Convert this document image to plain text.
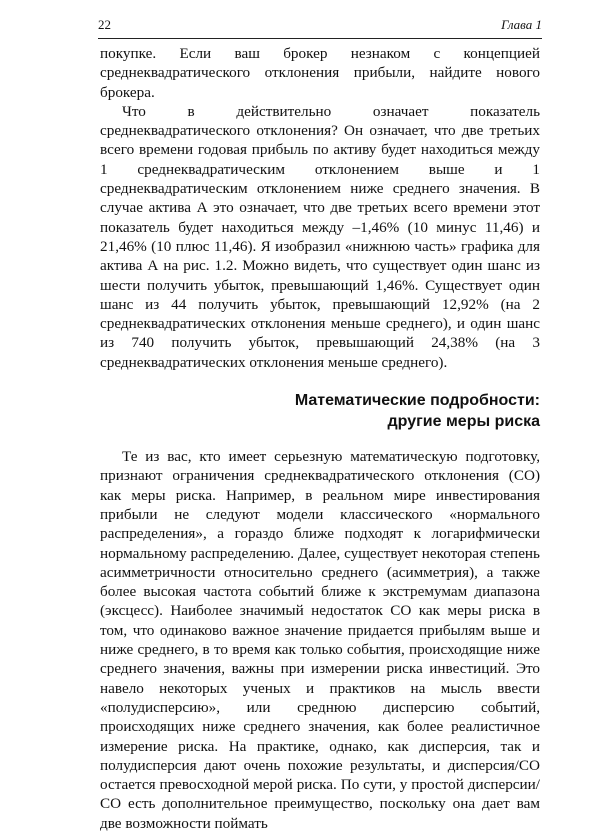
22	Глава 1

покупке. Если ваш брокер незнаком с концепцией среднеквадратического отклонения прибыли, найдите нового брокера.

Что в действительно означает показатель среднеквадратического отклонения? Он означает, что две третьих всего времени годовая прибыль по активу будет находиться между 1 среднеквадратическим отклонением выше и 1 среднеквадратическим отклонением ниже среднего значения. В случае актива А это означает, что две третьих всего времени этот показатель будет находиться между –1,46% (10 минус 11,46) и 21,46% (10 плюс 11,46). Я изобразил «нижнюю часть» графика для актива А на рис. 1.2. Можно видеть, что существует один шанс из шести получить убыток, превышающий 1,46%. Существует один шанс из 44 получить убыток, превышающий 12,92% (на 2 среднеквадратических отклонения меньше среднего), и один шанс из 740 получить убыток, превышающий 24,38% (на 3 среднеквадратических отклонения меньше среднего).

Математические подробности:
другие меры риска

Те из вас, кто имеет серьезную математическую подготовку, признают ограничения среднеквадратического отклонения (СО) как меры риска. Например, в реальном мире инвестирования прибыли не следуют модели классического «нормального распределения», а гораздо ближе подходят к логарифмически нормальному распределению. Далее, существует некоторая степень асимметричности относительно среднего (асимметрия), а также более высокая частота событий ближе к экстремумам диапазона (эксцесс). Наиболее значимый недостаток СО как меры риска в том, что одинаково важное значение придается прибылям выше и ниже среднего, в то время как только события, происходящие ниже среднего значения, важны при измерении риска инвестиций. Это навело некоторых ученых и практиков на мысль ввести «полудисперсию», или среднюю дисперсию событий, происходящих ниже среднего значения, как более реалистичное измерение риска. На практике, однако, как дисперсия, так и полудисперсия дают очень похожие результаты, и дисперсия/СО остается превосходной мерой риска. По сути, у простой дисперсии/СО есть дополнительное преимущество, поскольку она дает вам две возможности поймать
